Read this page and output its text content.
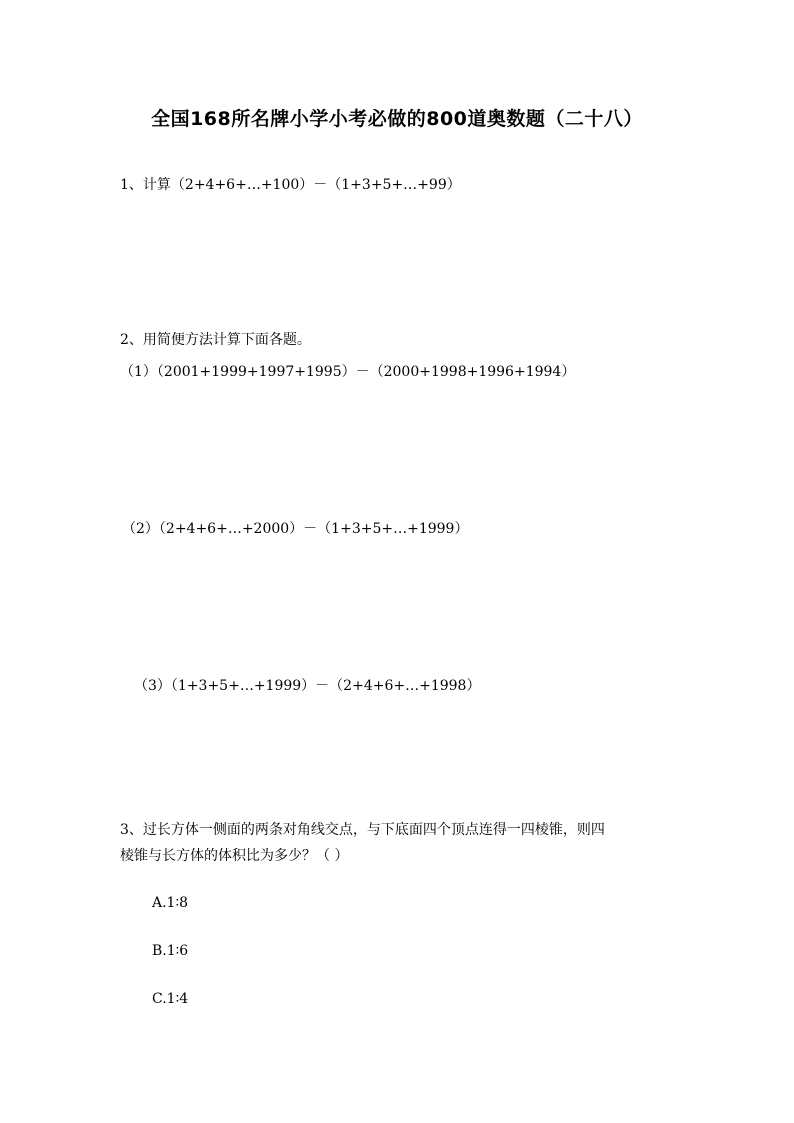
全国168所名牌小学小考必做的800道奥数题（二十八）
1、计算（2+4+6+…+100）－（1+3+5+…+99）
2、用简便方法计算下面各题。
（1）（2001+1999+1997+1995）－（2000+1998+1996+1994）
（2）（2+4+6+…+2000）－（1+3+5+…+1999）
（3）（1+3+5+…+1999）－（2+4+6+…+1998）
3、过长方体一侧面的两条对角线交点，与下底面四个顶点连得一四棱锥，则四
棱锥与长方体的体积比为多少？（ ）
A.1∶8
B.1∶6
C.1∶4
